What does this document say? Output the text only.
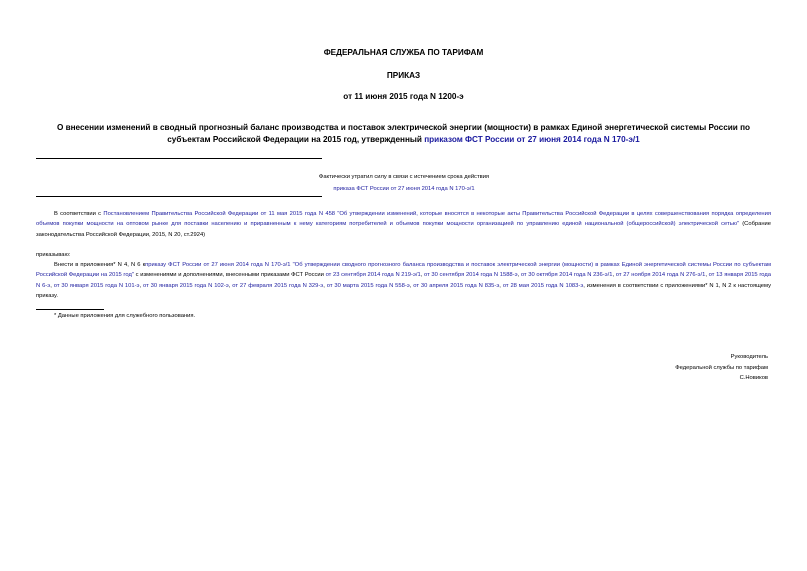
ФЕДЕРАЛЬНАЯ СЛУЖБА ПО ТАРИФАМ
ПРИКАЗ
от 11 июня 2015 года N 1200-э
О внесении изменений в сводный прогнозный баланс производства и поставок электрической энергии (мощности) в рамках Единой энергетической системы России по субъектам Российской Федерации на 2015 год, утвержденный приказом ФСТ России от 27 июня 2014 года N 170-э/1
Фактически утратил силу в связи с истечением срока действия
приказа ФСТ России от 27 июня 2014 года N 170-э/1
В соответствии с Постановлением Правительства Российской Федерации от 11 мая 2015 года N 458 "Об утверждении изменений, которые вносятся в некоторые акты Правительства Российской Федерации в целях совершенствования порядка определения объемов покупки мощности на оптовом рынке для поставки населению и приравненным к нему категориям потребителей и объемов покупки мощности организацией по управлению единой национальной (общероссийской) электрической сетью" (Собрание законодательства Российской Федерации, 2015, N 20, ст.2924)
приказываю:
Внести в приложения* N 4, N 6 кприказу ФСТ России от 27 июня 2014 года N 170-э/1 "Об утверждении сводного прогнозного баланса производства и поставок электрической энергии (мощности) в рамках Единой энергетической системы России по субъектам Российской Федерации на 2015 год" с изменениями и дополнениями, внесенными приказами ФСТ России от 23 сентября 2014 года N 219-э/1, от 30 сентября 2014 года N 1588-э, от 30 октября 2014 года N 236-э/1, от 27 ноября 2014 года N 276-э/1, от 13 января 2015 года N 6-э, от 30 января 2015 года N 101-э, от 30 января 2015 года N 102-э, от 27 февраля 2015 года N 329-э, от 30 марта 2015 года N 558-э, от 30 апреля 2015 года N 835-э, от 28 мая 2015 года N 1083-э, изменения в соответствии с приложениями* N 1, N 2 к настоящему приказу.
* Данные приложения для служебного пользования.
Руководитель
Федеральной службы по тарифам
С.Новиков
